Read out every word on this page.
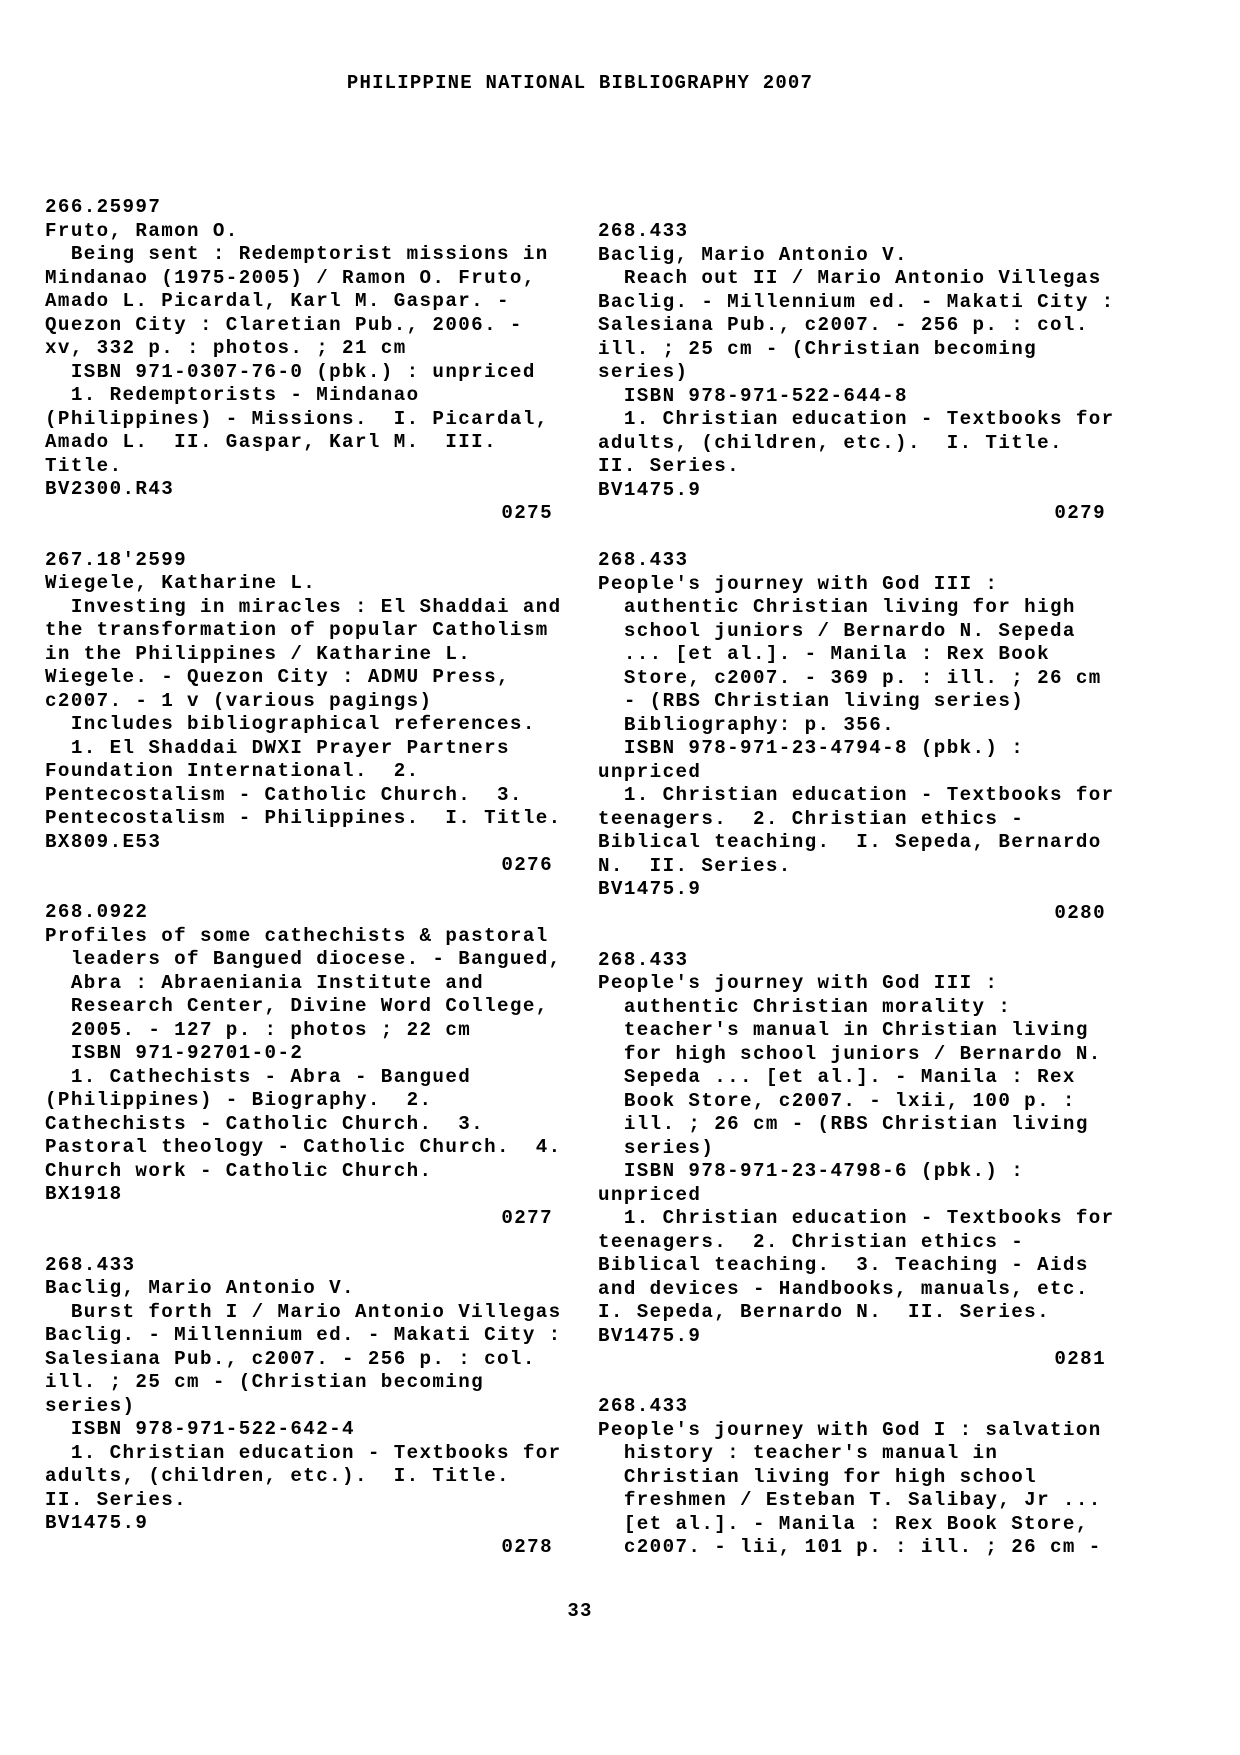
PHILIPPINE NATIONAL BIBLIOGRAPHY 2007
266.25997
Fruto, Ramon O.
Being sent : Redemptorist missions in
Mindanao (1975-2005) / Ramon O. Fruto,
Amado L. Picardal, Karl M. Gaspar. -
Quezon City : Claretian Pub., 2006. -
xv, 332 p. : photos. ; 21 cm
ISBN 971-0307-76-0 (pbk.) : unpriced
1. Redemptorists - Mindanao
(Philippines) - Missions.  I. Picardal,
Amado L.  II. Gaspar, Karl M.  III.
Title.
BV2300.R43
0275
267.18'2599
Wiegele, Katharine L.
Investing in miracles : El Shaddai and
the transformation of popular Catholism
in the Philippines / Katharine L.
Wiegele. - Quezon City : ADMU Press,
c2007. - 1 v (various pagings)
Includes bibliographical references.
1. El Shaddai DWXI Prayer Partners
Foundation International.  2.
Pentecostalism - Catholic Church.  3.
Pentecostalism - Philippines.  I. Title.
BX809.E53
0276
268.0922
Profiles of some cathechists & pastoral
leaders of Bangued diocese. - Bangued,
Abra : Abraeniania Institute and
Research Center, Divine Word College,
2005. - 127 p. : photos ; 22 cm
ISBN 971-92701-0-2
1. Cathechists - Abra - Bangued
(Philippines) - Biography.  2.
Cathechists - Catholic Church.  3.
Pastoral theology - Catholic Church.  4.
Church work - Catholic Church.
BX1918
0277
268.433
Baclig, Mario Antonio V.
Burst forth I / Mario Antonio Villegas
Baclig. - Millennium ed. - Makati City :
Salesiana Pub., c2007. - 256 p. : col.
ill. ; 25 cm - (Christian becoming
series)
ISBN 978-971-522-642-4
1. Christian education - Textbooks for
adults, (children, etc.).  I. Title.
II. Series.
BV1475.9
0278
268.433
Baclig, Mario Antonio V.
Reach out II / Mario Antonio Villegas
Baclig. - Millennium ed. - Makati City :
Salesiana Pub., c2007. - 256 p. : col.
ill. ; 25 cm - (Christian becoming
series)
ISBN 978-971-522-644-8
1. Christian education - Textbooks for
adults, (children, etc.).  I. Title.
II. Series.
BV1475.9
0279
268.433
People's journey with God III :
authentic Christian living for high
school juniors / Bernardo N. Sepeda
... [et al.]. - Manila : Rex Book
Store, c2007. - 369 p. : ill. ; 26 cm
- (RBS Christian living series)
Bibliography: p. 356.
ISBN 978-971-23-4794-8 (pbk.) :
unpriced
1. Christian education - Textbooks for
teenagers.  2. Christian ethics -
Biblical teaching.  I. Sepeda, Bernardo
N.  II. Series.
BV1475.9
0280
268.433
People's journey with God III :
authentic Christian morality :
teacher's manual in Christian living
for high school juniors / Bernardo N.
Sepeda ... [et al.]. - Manila : Rex
Book Store, c2007. - lxii, 100 p. :
ill. ; 26 cm - (RBS Christian living
series)
ISBN 978-971-23-4798-6 (pbk.) :
unpriced
1. Christian education - Textbooks for
teenagers.  2. Christian ethics -
Biblical teaching.  3. Teaching - Aids
and devices - Handbooks, manuals, etc.
I. Sepeda, Bernardo N.  II. Series.
BV1475.9
0281
268.433
People's journey with God I : salvation
history : teacher's manual in
Christian living for high school
freshmen / Esteban T. Salibay, Jr ...
[et al.]. - Manila : Rex Book Store,
c2007. - lii, 101 p. : ill. ; 26 cm -
33
